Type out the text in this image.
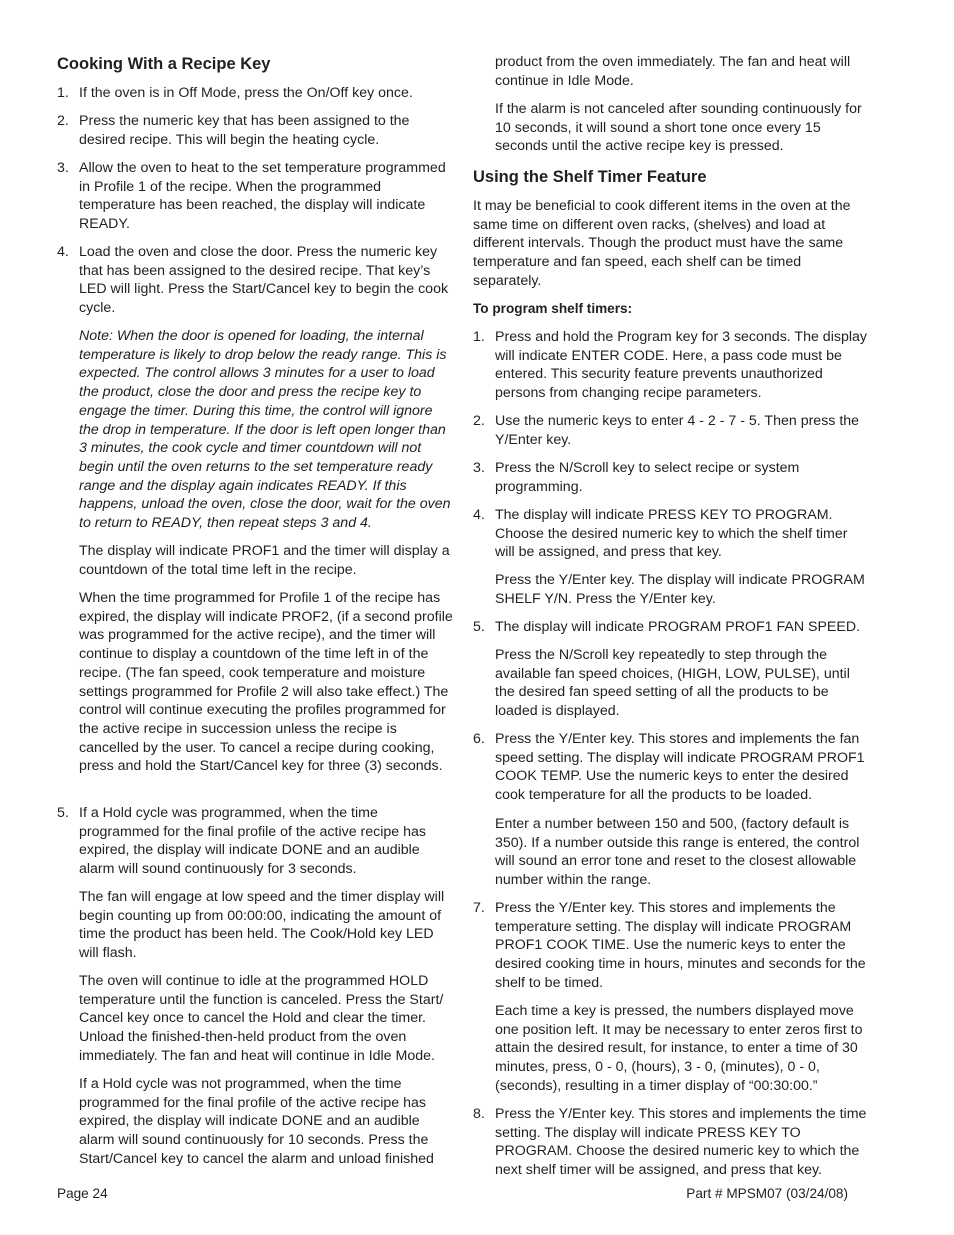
Cooking With a Recipe Key
1. If the oven is in Off Mode, press the On/Off key once.
2. Press the numeric key that has been assigned to the desired recipe. This will begin the heating cycle.
3. Allow the oven to heat to the set temperature programmed in Profile 1 of the recipe. When the programmed temperature has been reached, the display will indicate READY.
4. Load the oven and close the door. Press the numeric key that has been assigned to the desired recipe. That key’s LED will light. Press the Start/Cancel key to begin the cook cycle.

Note: When the door is opened for loading, the internal temperature is likely to drop below the ready range. This is expected. The control allows 3 minutes for a user to load the product, close the door and press the recipe key to engage the timer. During this time, the control will ignore the drop in temperature. If the door is left open longer than 3 minutes, the cook cycle and timer countdown will not begin until the oven returns to the set temperature ready range and the display again indicates READY. If this happens, unload the oven, close the door, wait for the oven to return to READY, then repeat steps 3 and 4.

The display will indicate PROF1 and the timer will display a countdown of the total time left in the recipe.

When the time programmed for Profile 1 of the recipe has expired, the display will indicate PROF2, (if a second profile was programmed for the active recipe), and the timer will continue to display a countdown of the time left in of the recipe. (The fan speed, cook temperature and moisture settings programmed for Profile 2 will also take effect.) The control will continue executing the profiles programmed for the active recipe in succession unless the recipe is cancelled by the user. To cancel a recipe during cooking, press and hold the Start/Cancel key for three (3) seconds.

5. If a Hold cycle was programmed, when the time programmed for the final profile of the active recipe has expired, the display will indicate DONE and an audible alarm will sound continuously for 3 seconds.

The fan will engage at low speed and the timer display will begin counting up from 00:00:00, indicating the amount of time the product has been held. The Cook/Hold key LED will flash.

The oven will continue to idle at the programmed HOLD temperature until the function is canceled. Press the Start/ Cancel key once to cancel the Hold and clear the timer. Unload the finished-then-held product from the oven immediately. The fan and heat will continue in Idle Mode.

If a Hold cycle was not programmed, when the time programmed for the final profile of the active recipe has expired, the display will indicate DONE and an audible alarm will sound continuously for 10 seconds. Press the Start/Cancel key to cancel the alarm and unload finished

product from the oven immediately. The fan and heat will continue in Idle Mode.

If the alarm is not canceled after sounding continuously for 10 seconds, it will sound a short tone once every 15 seconds until the active recipe key is pressed.

Using the Shelf Timer Feature

It may be beneficial to cook different items in the oven at the same time on different oven racks, (shelves) and load at different intervals. Though the product must have the same temperature and fan speed, each shelf can be timed separately.

To program shelf timers:
1. Press and hold the Program key for 3 seconds. The display will indicate ENTER CODE. Here, a pass code must be entered. This security feature prevents unauthorized persons from changing recipe parameters.
2. Use the numeric keys to enter 4 - 2 - 7 - 5. Then press the Y/Enter key.
3. Press the N/Scroll key to select recipe or system programming.
4. The display will indicate PRESS KEY TO PROGRAM. Choose the desired numeric key to which the shelf timer will be assigned, and press that key.

Press the Y/Enter key. The display will indicate PROGRAM SHELF Y/N. Press the Y/Enter key.

5. The display will indicate PROGRAM PROF1 FAN SPEED.

Press the N/Scroll key repeatedly to step through the available fan speed choices, (HIGH, LOW, PULSE), until the desired fan speed setting of all the products to be loaded is displayed.

6. Press the Y/Enter key. This stores and implements the fan speed setting. The display will indicate PROGRAM PROF1 COOK TEMP. Use the numeric keys to enter the desired cook temperature for all the products to be loaded.

Enter a number between 150 and 500, (factory default is 350). If a number outside this range is entered, the control will sound an error tone and reset to the closest allowable number within the range.

7. Press the Y/Enter key. This stores and implements the temperature setting. The display will indicate PROGRAM PROF1 COOK TIME. Use the numeric keys to enter the desired cooking time in hours, minutes and seconds for the shelf to be timed.

Each time a key is pressed, the numbers displayed move one position left. It may be necessary to enter zeros first to attain the desired result, for instance, to enter a time of 30 minutes, press, 0 - 0, (hours), 3 - 0, (minutes), 0 - 0, (seconds), resulting in a timer display of “00:30:00.”

8. Press the Y/Enter key. This stores and implements the time setting. The display will indicate PRESS KEY TO PROGRAM. Choose the desired numeric key to which the next shelf timer will be assigned, and press that key.
Page 24	Part # MPSM07 (03/24/08)
